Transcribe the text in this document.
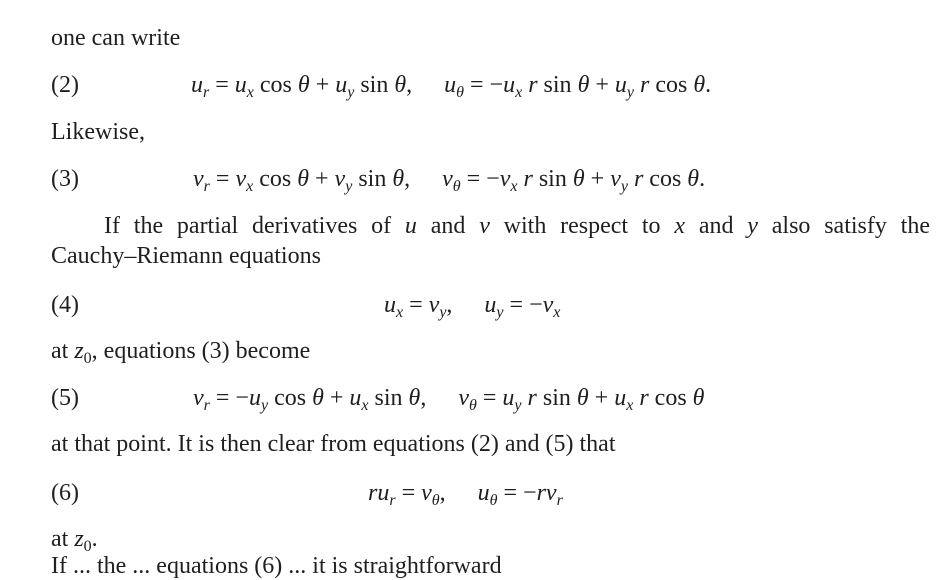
one can write
(2)	$u_r = u_x$ $\cos \theta + u_y$ sin θ, $u_\theta = -u_x$ r $\sin \theta + u_y$ r cos θ.
Likewise,
(3)	$v_r = v_x$ $\cos \theta + v_y$ sin θ, $v_\theta = -v_x$ r $\sin \theta + v_y$ r cos θ.
If the partial derivatives of u and v with respect to x and y also satisfy the
Cauchy–Riemann equations
(4)	$u_x = v_y$, $u_y = -v_x$
at $z_0$, equations (3) become
(5)	$v_r = -u_y$ $\cos \theta + u_x$ sin θ, $v_\theta = u_y$ r $\sin \theta + u_x$ r cos θ
at that point. It is then clear from equations (2) and (5) that
(6)	$ru_r = v_\theta$, $u_\theta = -rv_r$
at $z_0$.
If ... the ... equations (6) ... it is straightforward
